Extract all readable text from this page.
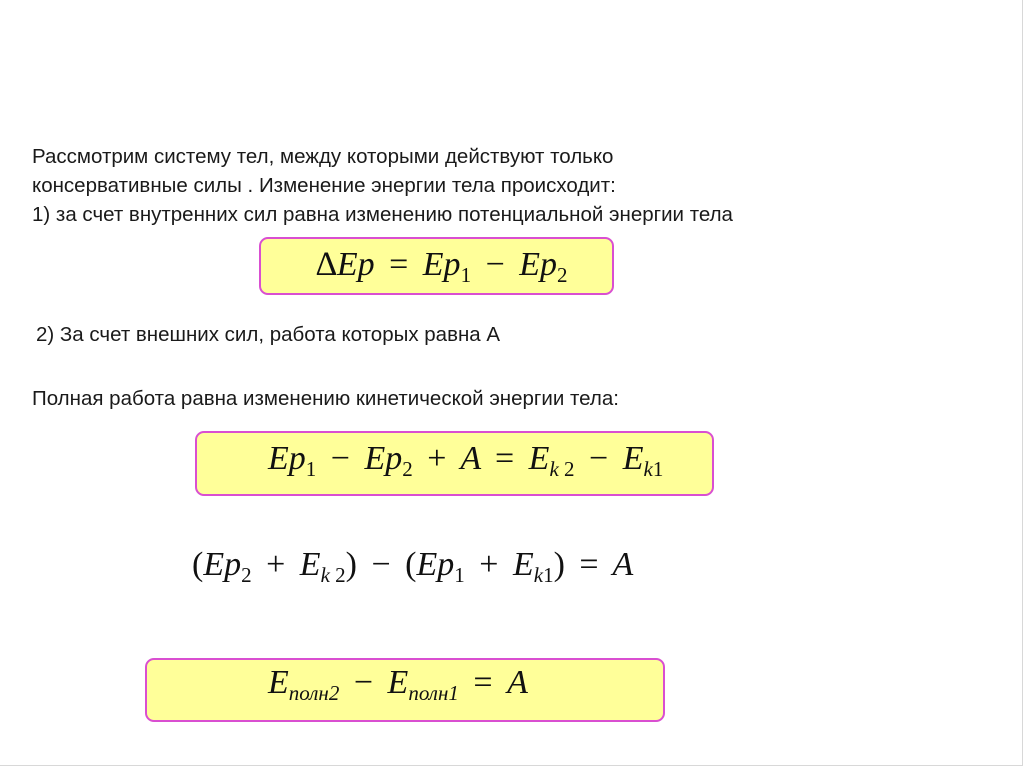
Рассмотрим систему тел, между которыми действуют только
консервативные силы . Изменение энергии тела происходит:
1) за счет внутренних сил равна изменению потенциальной энергии тела
$\Delta Ep = Ep_1 - Ep_2$
2) За счет внешних сил, работа которых равна А
Полная работа равна изменению кинетической энергии тела:
$Ep_1 - Ep_2 + A = E_{k 2} - E_{k1}$
$(Ep_2 + E_{k 2}) - (Ep_1 + E_{k1}) = A$
$E_{полн2} - E_{полн1} = A$
